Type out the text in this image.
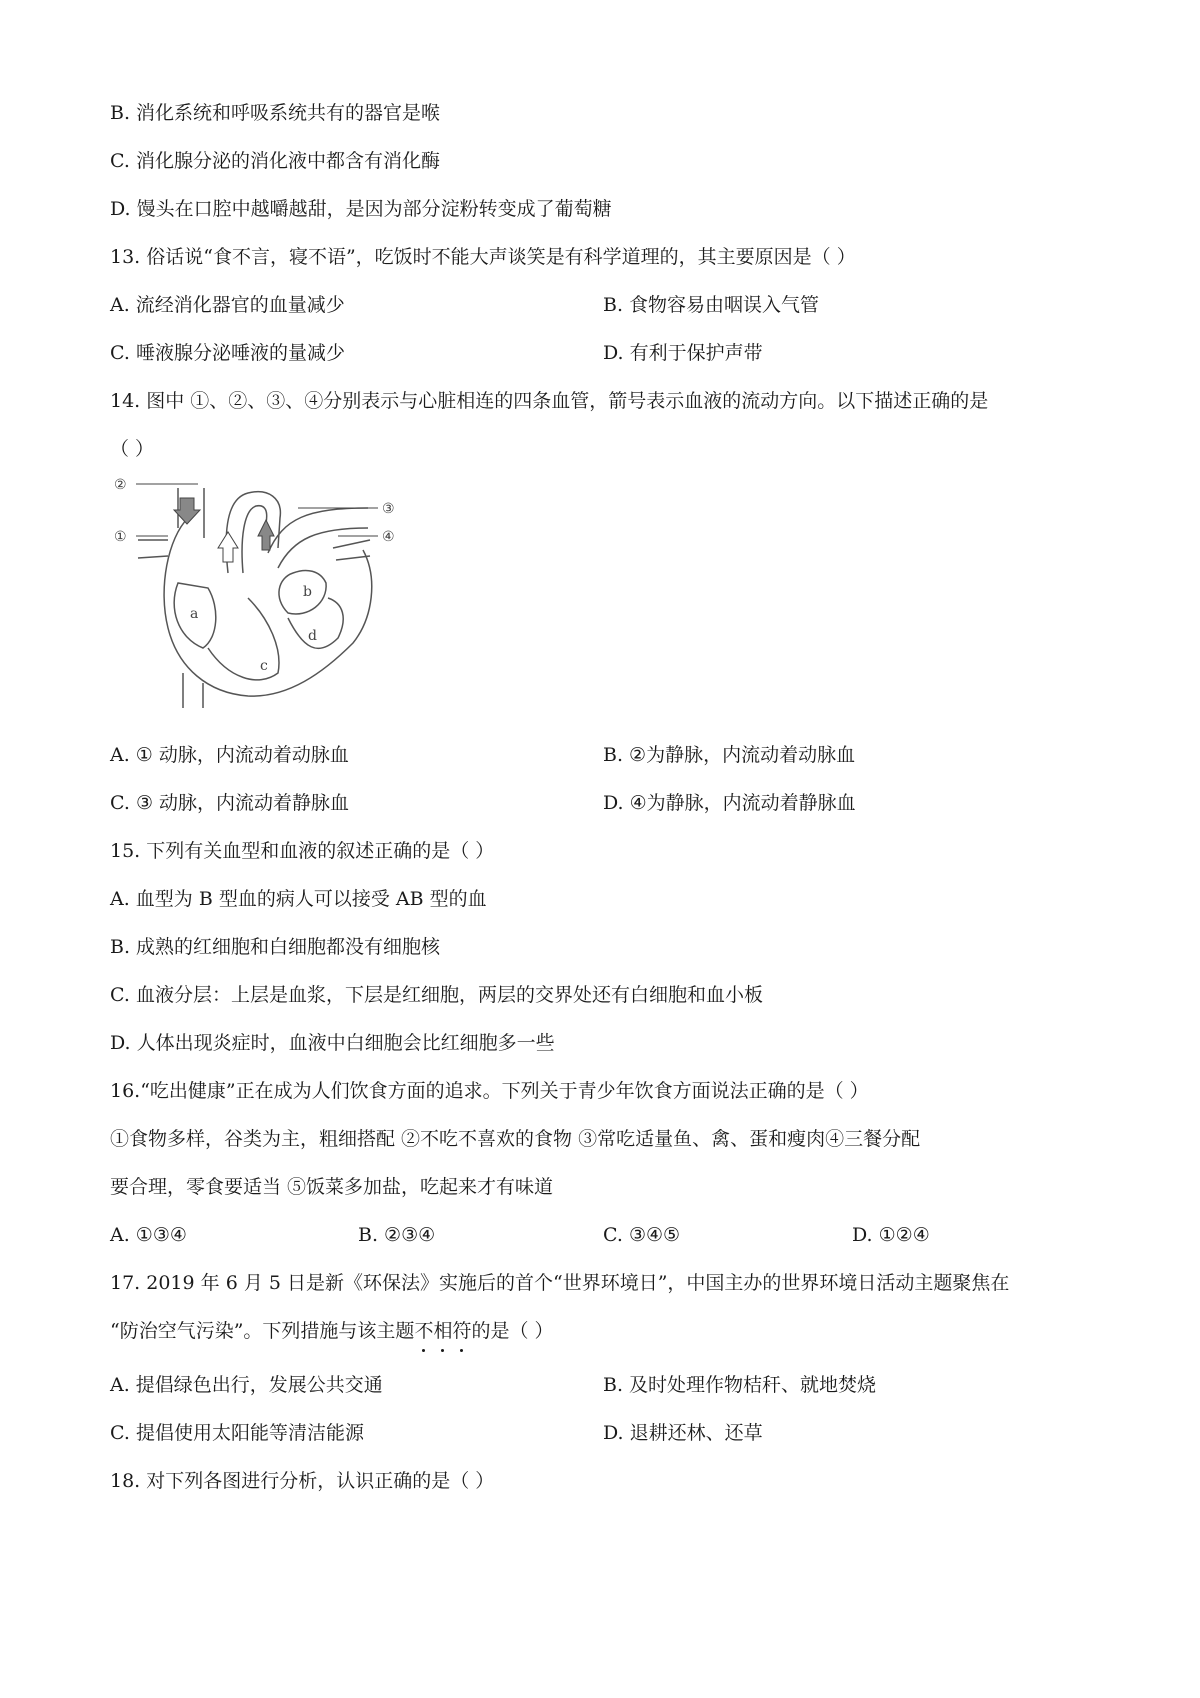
B. 消化系统和呼吸系统共有的器官是喉
C. 消化腺分泌的消化液中都含有消化酶
D. 馒头在口腔中越嚼越甜，是因为部分淀粉转变成了葡萄糖
13. 俗话说“食不言，寝不语”，吃饭时不能大声谈笑是有科学道理的，其主要原因是（ ）
A. 流经消化器官的血量减少	B. 食物容易由咽误入气管
C. 唾液腺分泌唾液的量减少	D. 有利于保护声带
14. 图中 ①、②、③、④分别表示与心脏相连的四条血管，箭号表示血液的流动方向。以下描述正确的是
（ ）
②
①
③
④
a
b
c
d
A. ① 动脉，内流动着动脉血	B. ②为静脉，内流动着动脉血
C. ③ 动脉，内流动着静脉血	D. ④为静脉，内流动着静脉血
15. 下列有关血型和血液的叙述正确的是（ ）
A. 血型为 B 型血的病人可以接受 AB 型的血
B. 成熟的红细胞和白细胞都没有细胞核
C. 血液分层：上层是血浆，下层是红细胞，两层的交界处还有白细胞和血小板
D. 人体出现炎症时，血液中白细胞会比红细胞多一些
16.“吃出健康”正在成为人们饮食方面的追求。下列关于青少年饮食方面说法正确的是（ ）
①食物多样，谷类为主，粗细搭配 ②不吃不喜欢的食物 ③常吃适量鱼、禽、蛋和瘦肉④三餐分配
要合理，零食要适当 ⑤饭菜多加盐，吃起来才有味道
A. ①③④	B. ②③④	C. ③④⑤	D. ①②④
17. 2019 年 6 月 5 日是新《环保法》实施后的首个“世界环境日”，中国主办的世界环境日活动主题聚焦在
“防治空气污染”。下列措施与该主题不相符的是（ ）
A. 提倡绿色出行，发展公共交通	B. 及时处理作物桔秆、就地焚烧
C. 提倡使用太阳能等清洁能源	D. 退耕还林、还草
18. 对下列各图进行分析，认识正确的是（ ）
